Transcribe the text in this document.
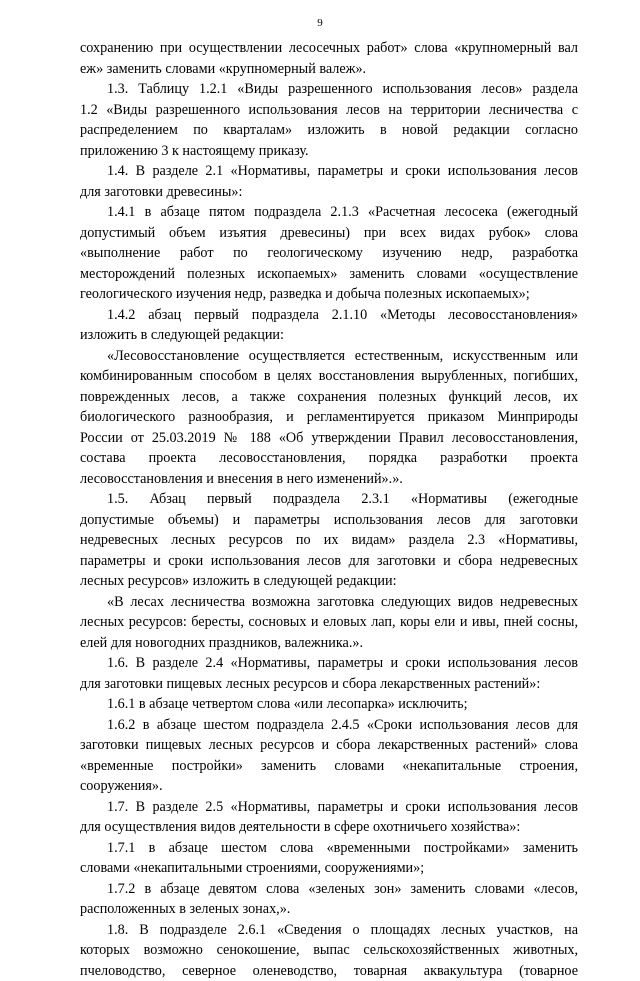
9
сохранению при осуществлении лесосечных работ» слова «крупномерный вал
еж» заменить словами «крупномерный валеж».
1.3. Таблицу 1.2.1 «Виды разрешенного использования лесов» раздела
1.2 «Виды разрешенного использования лесов на территории лесничества с
распределением по кварталам» изложить в новой редакции согласно
приложению 3 к настоящему приказу.
1.4. В разделе 2.1 «Нормативы, параметры и сроки использования лесов
для заготовки древесины»:
1.4.1 в абзаце пятом подраздела 2.1.3 «Расчетная лесосека (ежегодный
допустимый объем изъятия древесины) при всех видах рубок» слова
«выполнение работ по геологическому изучению недр, разработка
месторождений полезных ископаемых» заменить словами «осуществление
геологического изучения недр, разведка и добыча полезных ископаемых»;
1.4.2 абзац первый подраздела 2.1.10 «Методы лесовосстановления»
изложить в следующей редакции:
«Лесовосстановление осуществляется естественным, искусственным или
комбинированным способом в целях восстановления вырубленных, погибших,
поврежденных лесов, а также сохранения полезных функций лесов, их
биологического разнообразия, и регламентируется приказом Минприроды
России от 25.03.2019 № 188 «Об утверждении Правил лесовосстановления,
состава проекта лесовосстановления, порядка разработки проекта
лесовосстановления и внесения в него изменений».».
1.5. Абзац первый подраздела 2.3.1 «Нормативы (ежегодные
допустимые объемы) и параметры использования лесов для заготовки
недревесных лесных ресурсов по их видам» раздела 2.3 «Нормативы,
параметры и сроки использования лесов для заготовки и сбора недревесных
лесных ресурсов» изложить в следующей редакции:
«В лесах лесничества возможна заготовка следующих видов недревесных
лесных ресурсов: бересты, сосновых и еловых лап, коры ели и ивы, пней сосны,
елей для новогодних праздников, валежника.».
1.6. В разделе 2.4 «Нормативы, параметры и сроки использования лесов
для заготовки пищевых лесных ресурсов и сбора лекарственных растений»:
1.6.1 в абзаце четвертом слова «или лесопарка» исключить;
1.6.2 в абзаце шестом подраздела 2.4.5 «Сроки использования лесов для
заготовки пищевых лесных ресурсов и сбора лекарственных растений» слова
«временные постройки» заменить словами «некапитальные строения,
сооружения».
1.7. В разделе 2.5 «Нормативы, параметры и сроки использования лесов
для осуществления видов деятельности в сфере охотничьего хозяйства»:
1.7.1 в абзаце шестом слова «временными постройками» заменить
словами «некапитальными строениями, сооружениями»;
1.7.2 в абзаце девятом слова «зеленых зон» заменить словами «лесов,
расположенных в зеленых зонах,».
1.8. В подразделе 2.6.1 «Сведения о площадях лесных участков, на
которых возможно сенокошение, выпас сельскохозяйственных животных,
пчеловодство, северное оленеводство, товарная аквакультура (товарное
